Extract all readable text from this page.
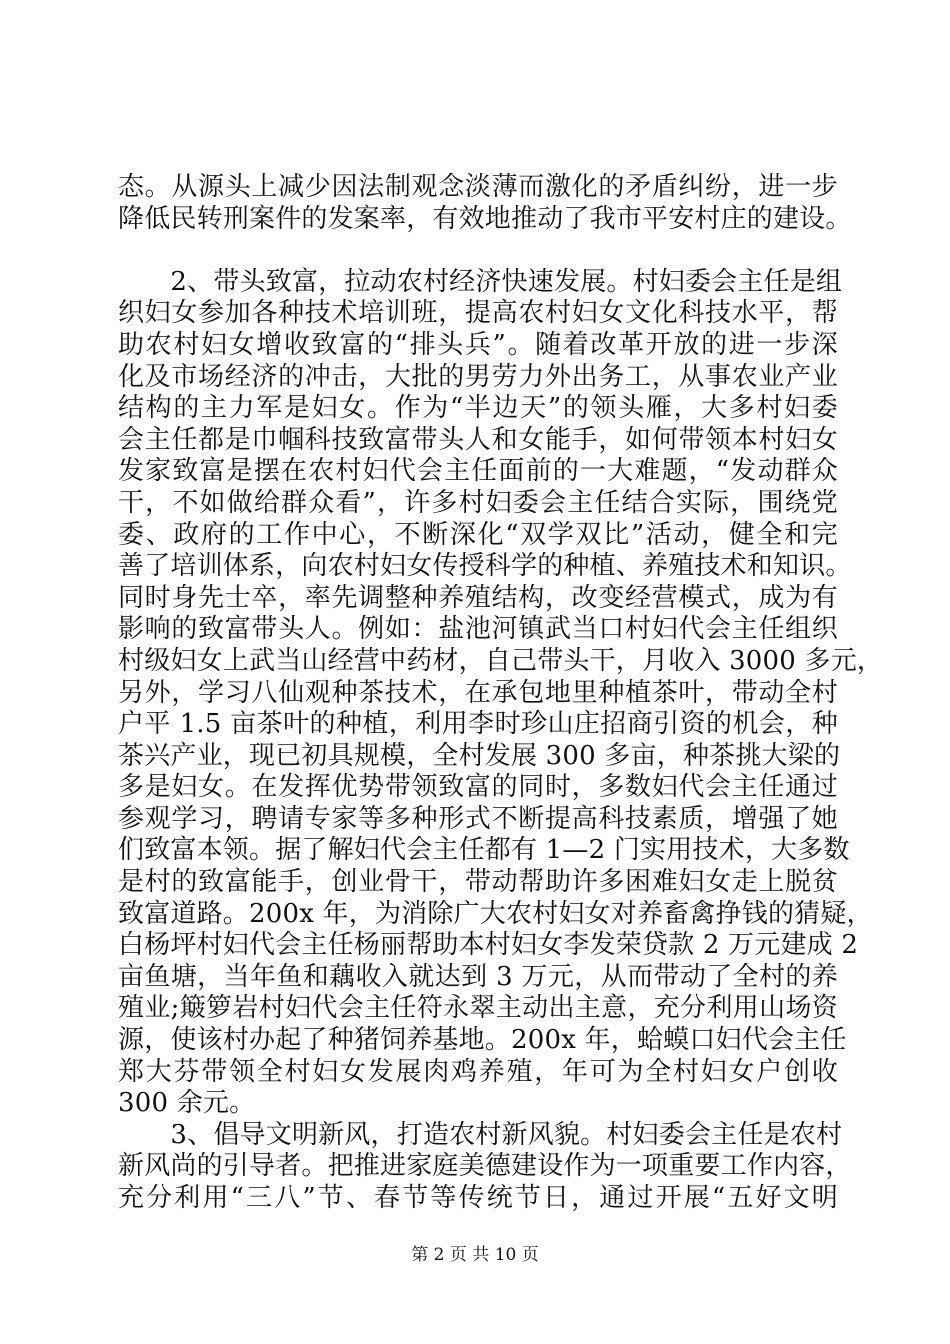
态。从源头上减少因法制观念淡薄而激化的矛盾纠纷，进一步
降低民转刑案件的发案率，有效地推动了我市平安村庄的建设。
　　2、带头致富，拉动农村经济快速发展。村妇委会主任是组
织妇女参加各种技术培训班，提高农村妇女文化科技水平，帮
助农村妇女增收致富的“排头兵”。随着改革开放的进一步深
化及市场经济的冲击，大批的男劳力外出务工，从事农业产业
结构的主力军是妇女。作为“半边天”的领头雁，大多村妇委
会主任都是巾帼科技致富带头人和女能手，如何带领本村妇女
发家致富是摆在农村妇代会主任面前的一大难题，“发动群众
干，不如做给群众看”，许多村妇委会主任结合实际，围绕党
委、政府的工作中心，不断深化“双学双比”活动，健全和完
善了培训体系，向农村妇女传授科学的种植、养殖技术和知识。
同时身先士卒，率先调整种养殖结构，改变经营模式，成为有
影响的致富带头人。例如：盐池河镇武当口村妇代会主任组织
村级妇女上武当山经营中药材，自己带头干，月收入 3000 多元，
另外，学习八仙观种茶技术，在承包地里种植茶叶，带动全村
户平 1.5 亩茶叶的种植，利用李时珍山庄招商引资的机会，种
茶兴产业，现已初具规模，全村发展 300 多亩，种茶挑大梁的
多是妇女。在发挥优势带领致富的同时，多数妇代会主任通过
参观学习，聘请专家等多种形式不断提高科技素质，增强了她
们致富本领。据了解妇代会主任都有 1—2 门实用技术，大多数
是村的致富能手，创业骨干，带动帮助许多困难妇女走上脱贫
致富道路。200x 年，为消除广大农村妇女对养畜禽挣钱的猜疑，
白杨坪村妇代会主任杨丽帮助本村妇女李发荣贷款 2 万元建成 2
亩鱼塘，当年鱼和藕收入就达到 3 万元，从而带动了全村的养
殖业;簸箩岩村妇代会主任符永翠主动出主意，充分利用山场资
源，使该村办起了种猪饲养基地。200x 年，蛤蟆口妇代会主任
郑大芬带领全村妇女发展肉鸡养殖，年可为全村妇女户创收
300 余元。
　　3、倡导文明新风，打造农村新风貌。村妇委会主任是农村
新风尚的引导者。把推进家庭美德建设作为一项重要工作内容，
充分利用“三八”节、春节等传统节日，通过开展“五好文明
第 2 页 共 10 页
